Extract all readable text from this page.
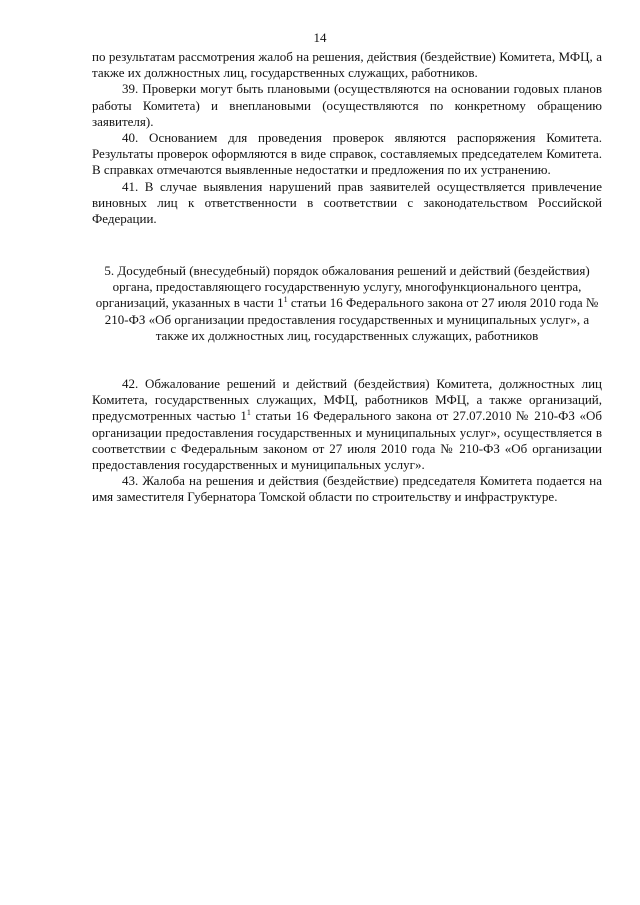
14

по результатам рассмотрения жалоб на решения, действия (бездействие) Комитета, МФЦ, а также их должностных лиц, государственных служащих, работников.

39. Проверки могут быть плановыми (осуществляются на основании годовых планов работы Комитета) и внеплановыми (осуществляются по конкретному обращению заявителя).

40. Основанием для проведения проверок являются распоряжения Комитета. Результаты проверок оформляются в виде справок, составляемых председателем Комитета. В справках отмечаются выявленные недостатки и предложения по их устранению.

41. В случае выявления нарушений прав заявителей осуществляется привлечение виновных лиц к ответственности в соответствии с законодательством Российской Федерации.

5. Досудебный (внесудебный) порядок обжалования решений и действий (бездействия) органа, предоставляющего государственную услугу, многофункционального центра, организаций, указанных в части $1^1$ статьи 16 Федерального закона от 27 июля 2010 года № 210-ФЗ «Об организации предоставления государственных и муниципальных услуг», а также их должностных лиц, государственных служащих, работников

42. Обжалование решений и действий (бездействия) Комитета, должностных лиц Комитета, государственных служащих, МФЦ, работников МФЦ, а также организаций, предусмотренных частью $1^1$ статьи 16 Федерального закона от 27.07.2010 № 210-ФЗ «Об организации предоставления государственных и муниципальных услуг», осуществляется в соответствии с Федеральным законом от 27 июля 2010 года № 210-ФЗ «Об организации предоставления государственных и муниципальных услуг».

43. Жалоба на решения и действия (бездействие) председателя Комитета подается на имя заместителя Губернатора Томской области по строительству и инфраструктуре.
